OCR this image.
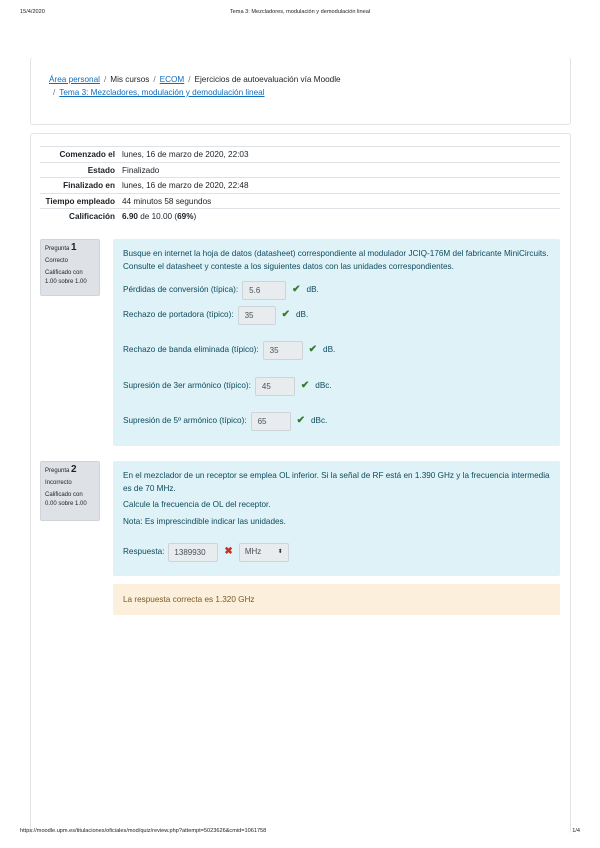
15/4/2020	Tema 3: Mezcladores, modulación y demodulación lineal
Área personal / Mis cursos / ECOM / Ejercicios de autoevaluación vía Moodle
/ Tema 3: Mezcladores, modulación y demodulación lineal
Comenzado el lunes, 16 de marzo de 2020, 22:03
Estado Finalizado
Finalizado en lunes, 16 de marzo de 2020, 22:48
Tiempo empleado 44 minutos 58 segundos
Calificación 6.90 de 10.00 (69%)
Pregunta 1
Correcto
Calificado con 1.00 sobre 1.00
Busque en internet la hoja de datos (datasheet) correspondiente al modulador JCIQ-176M del fabricante MiniCircuits. Consulte el datasheet y conteste a los siguientes datos con las unidades correspondientes.
Pérdidas de conversión (típica):	5.6	✔ dB.
Rechazo de portadora (típico):	35	✔ dB.
Rechazo de banda eliminada (típico):	35	✔ dB.
Supresión de 3er armónico (típico):	45	✔ dBc.
Supresión de 5º armónico (típico):	65	✔ dBc.
Pregunta 2
Incorrecto
Calificado con 0.00 sobre 1.00
En el mezclador de un receptor se emplea OL inferior. Si la señal de RF está en 1.390 GHz y la frecuencia intermedia es de 70 MHz.
Calcule la frecuencia de OL del receptor.
Nota: Es imprescindible indicar las unidades.
Respuesta:	1389930	✖ MHz	⬍
La respuesta correcta es 1.320 GHz
https://moodle.upm.es/titulaciones/oficiales/mod/quiz/review.php?attempt=5023626&cmid=1061758	1/4
